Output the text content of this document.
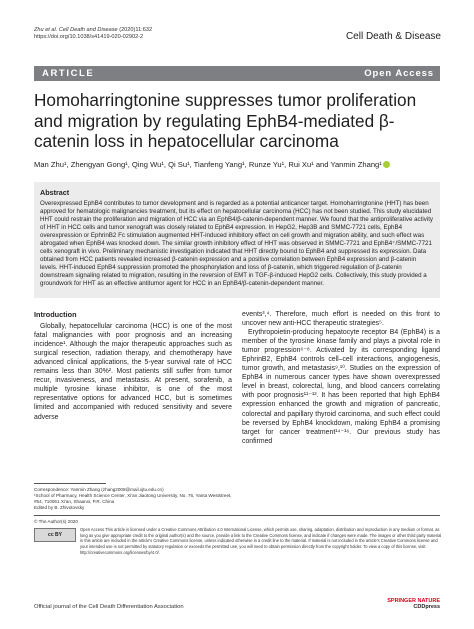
Zhu et al. Cell Death and Disease (2020)11:632
https://doi.org/10.1038/s41419-020-02902-2	Cell Death & Disease
ARTICLE	Open Access
Homoharringtonine suppresses tumor proliferation and migration by regulating EphB4-mediated β-catenin loss in hepatocellular carcinoma
Man Zhu¹, Zhengyan Gong¹, Qing Wu¹, Qi Su¹, Tianfeng Yang¹, Runze Yu¹, Rui Xu¹ and Yanmin Zhang¹
Abstract

Overexpressed EphB4 contributes to tumor development and is regarded as a potential anticancer target. Homoharringtonine (HHT) has been approved for hematologic malignancies treatment, but its effect on hepatocellular carcinoma (HCC) has not been studied. This study elucidated HHT could restrain the proliferation and migration of HCC via an EphB4/β-catenin-dependent manner. We found that the antiproliferative activity of HHT in HCC cells and tumor xenograft was closely related to EphB4 expression. In HepG2, Hep3B and SMMC-7721 cells, EphB4 overexpression or EphrinB2 Fc stimulation augmented HHT-induced inhibitory effect on cell growth and migration ability, and such effect was abrogated when EphB4 was knocked down. The similar growth inhibitory effect of HHT was observed in SMMC-7721 and EphB4⁺/SMMC-7721 cells xenograft in vivo. Preliminary mechanistic investigation indicated that HHT directly bound to EphB4 and suppressed its expression. Data obtained from HCC patients revealed increased β-catenin expression and a positive correlation between EphB4 expression and β-catenin levels. HHT-induced EphB4 suppression promoted the phosphorylation and loss of β-catenin, which triggered regulation of β-catenin downstream signaling related to migration, resulting in the reversion of EMT in TGF-β-induced HepG2 cells. Collectively, this study provided a groundwork for HHT as an effective antitumor agent for HCC in an EphB4/β-catenin-dependent manner.

Introduction

Globally, hepatocellular carcinoma (HCC) is one of the most fatal malignancies with poor prognosis and an increasing incidence¹. Although the major therapeutic approaches such as surgical resection, radiation therapy, and chemotherapy have advanced clinical applications, the 5-year survival rate of HCC remains less than 30%². Most patients still suffer from tumor recur, invasiveness, and metastasis. At present, sorafenib, a multiple tyrosine kinase inhibitor, is one of the most representative options for advanced HCC, but is sometimes limited and accompanied with reduced sensitivity and severe adverse

events³,⁴. Therefore, much effort is needed on this front to uncover new anti-HCC therapeutic strategies⁵.

Erythropoietin-producing hepatocyte receptor B4 (EphB4) is a member of the tyrosine kinase family and plays a pivotal role in tumor progression⁶⁻⁸. Activated by its corresponding ligand EphrinB2, EphB4 controls cell–cell interactions, angiogenesis, tumor growth, and metastasis⁹,¹⁰. Studies on the expression of EphB4 in numerous cancer types have shown overexpressed level in breast, colorectal, lung, and blood cancers correlating with poor prognosis¹¹⁻¹³. It has been reported that high EphB4 expression enhanced the growth and migration of pancreatic, colorectal and papillary thyroid carcinoma, and such effect could be reversed by EphB4 knockdown, making EphB4 a promising target for cancer treatment¹⁴⁻¹⁶. Our previous study has confirmed

Correspondence: Yanmin Zhang (zhang2008@mail.xjtu.edu.cn)
¹School of Pharmacy, Health Science Center, Xi'an Jiaotong University, No. 76, Yanta Weststreet, #54, 710061 Xi'an, Shaanxi, P.R. China
Edited by B. Zhivotovsky
© The Author(s) 2020
cc BY
Open Access This article is licensed under a Creative Commons Attribution 4.0 International License, which permits use, sharing, adaptation, distribution and reproduction in any medium or format, as long as you give appropriate credit to the original author(s) and the source, provide a link to the Creative Commons license, and indicate if changes were made. The images or other third party material in this article are included in the article's Creative Commons license, unless indicated otherwise in a credit line to the material. If material is not included in the article's Creative Commons license and your intended use is not permitted by statutory regulation or exceeds the permitted use, you will need to obtain permission directly from the copyright holder. To view a copy of this license, visit http://creativecommons.org/licenses/by/4.0/.
Official journal of the Cell Death Differentiation Association
SPRINGER NATURE
CDDpress
